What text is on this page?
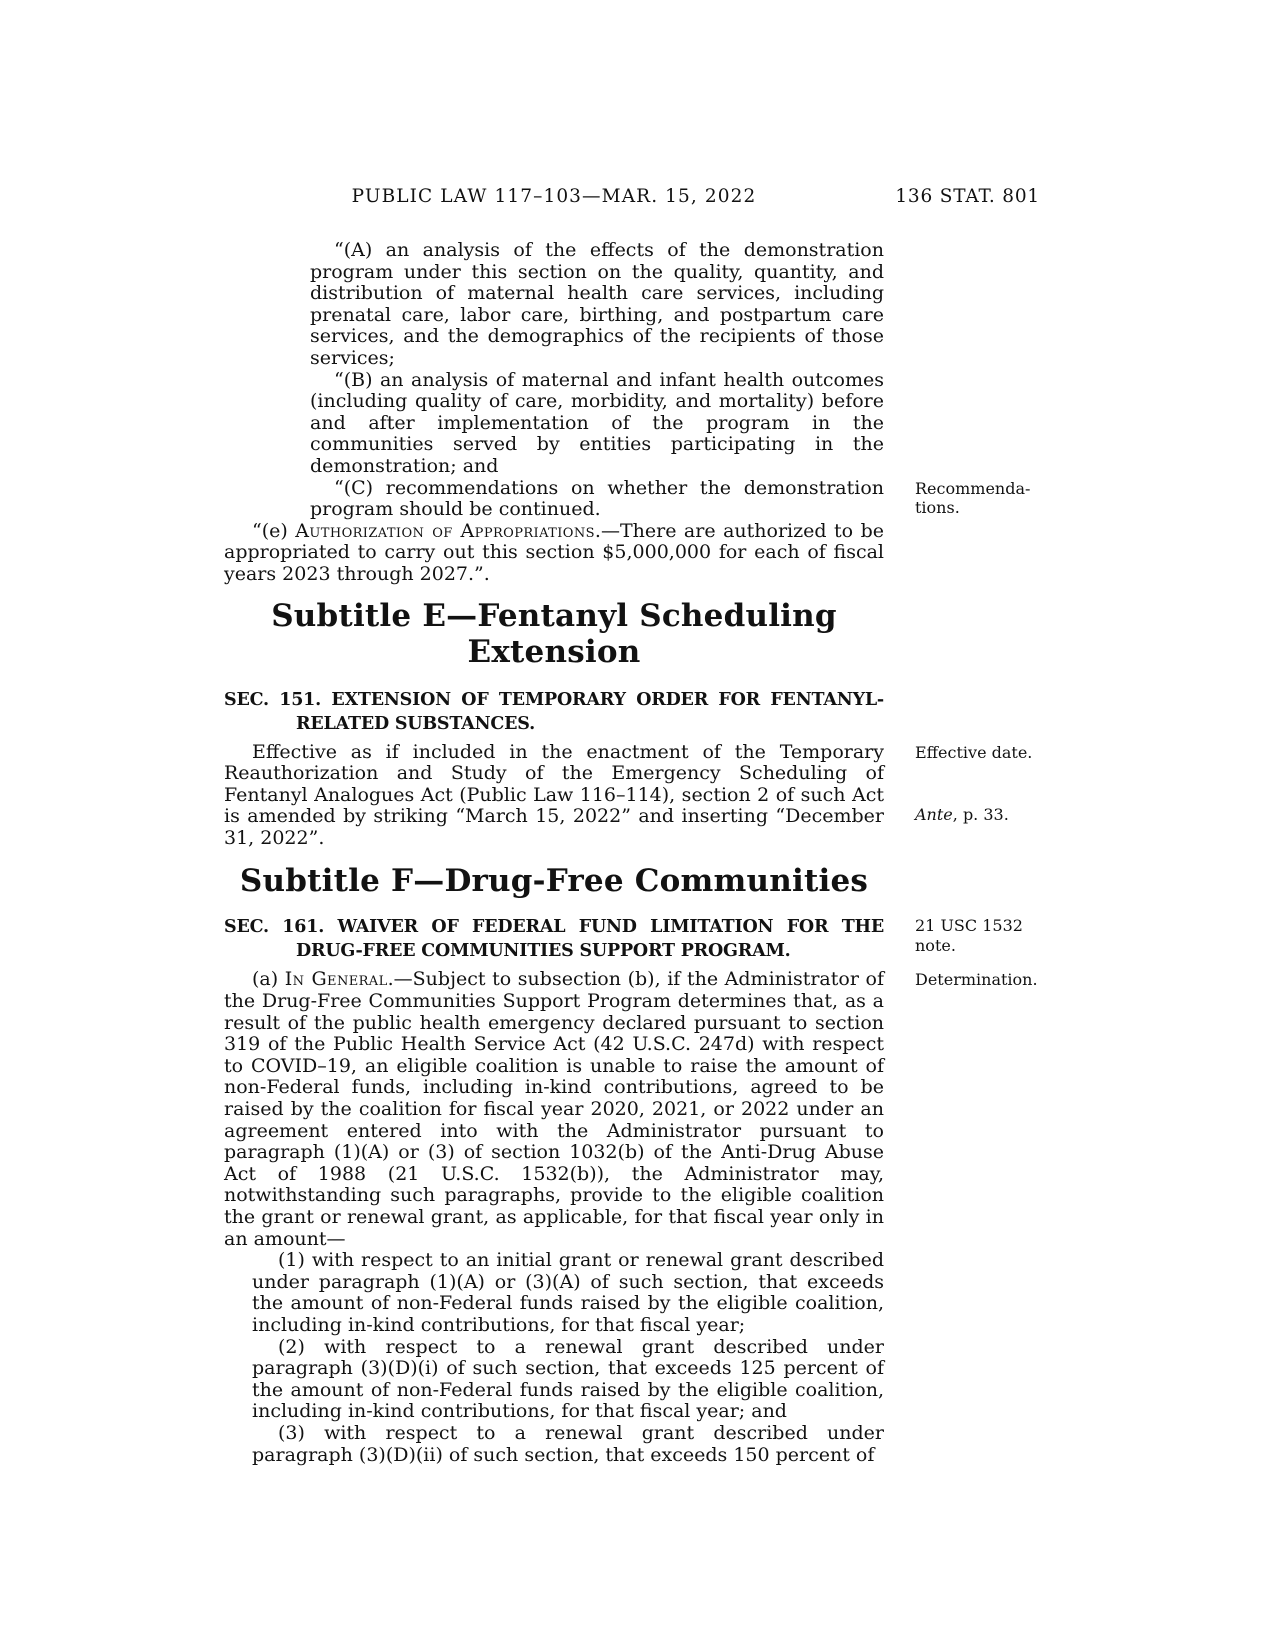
PUBLIC LAW 117–103—MAR. 15, 2022	136 STAT. 801

“(A) an analysis of the effects of the demonstration program under this section on the quality, quantity, and distribution of maternal health care services, including prenatal care, labor care, birthing, and postpartum care services, and the demographics of the recipients of those services;

“(B) an analysis of maternal and infant health outcomes (including quality of care, morbidity, and mortality) before and after implementation of the program in the communities served by entities participating in the demonstration; and

“(C) recommendations on whether the demonstration program should be continued.
Recommendations.

“(e) Authorization of Appropriations.—There are authorized to be appropriated to carry out this section $5,000,000 for each of fiscal years 2023 through 2027.”.

Subtitle E—Fentanyl Scheduling Extension
SEC. 151. EXTENSION OF TEMPORARY ORDER FOR FENTANYL-RELATED SUBSTANCES.

Effective as if included in the enactment of the Temporary Reauthorization and Study of the Emergency Scheduling of Fentanyl Analogues Act (Public Law 116–114), section 2 of such Act is amended by striking “March 15, 2022” and inserting “December 31, 2022”.
Effective date.
Ante, p. 33.

Subtitle F—Drug-Free Communities
SEC. 161. WAIVER OF FEDERAL FUND LIMITATION FOR THE DRUG-FREE COMMUNITIES SUPPORT PROGRAM.
21 USC 1532 note.

(a) In General.—Subject to subsection (b), if the Administrator of the Drug-Free Communities Support Program determines that, as a result of the public health emergency declared pursuant to section 319 of the Public Health Service Act (42 U.S.C. 247d) with respect to COVID–19, an eligible coalition is unable to raise the amount of non-Federal funds, including in-kind contributions, agreed to be raised by the coalition for fiscal year 2020, 2021, or 2022 under an agreement entered into with the Administrator pursuant to paragraph (1)(A) or (3) of section 1032(b) of the Anti-Drug Abuse Act of 1988 (21 U.S.C. 1532(b)), the Administrator may, notwithstanding such paragraphs, provide to the eligible coalition the grant or renewal grant, as applicable, for that fiscal year only in an amount—
Determination.

(1) with respect to an initial grant or renewal grant described under paragraph (1)(A) or (3)(A) of such section, that exceeds the amount of non-Federal funds raised by the eligible coalition, including in-kind contributions, for that fiscal year;

(2) with respect to a renewal grant described under paragraph (3)(D)(i) of such section, that exceeds 125 percent of the amount of non-Federal funds raised by the eligible coalition, including in-kind contributions, for that fiscal year; and

(3) with respect to a renewal grant described under paragraph (3)(D)(ii) of such section, that exceeds 150 percent of
